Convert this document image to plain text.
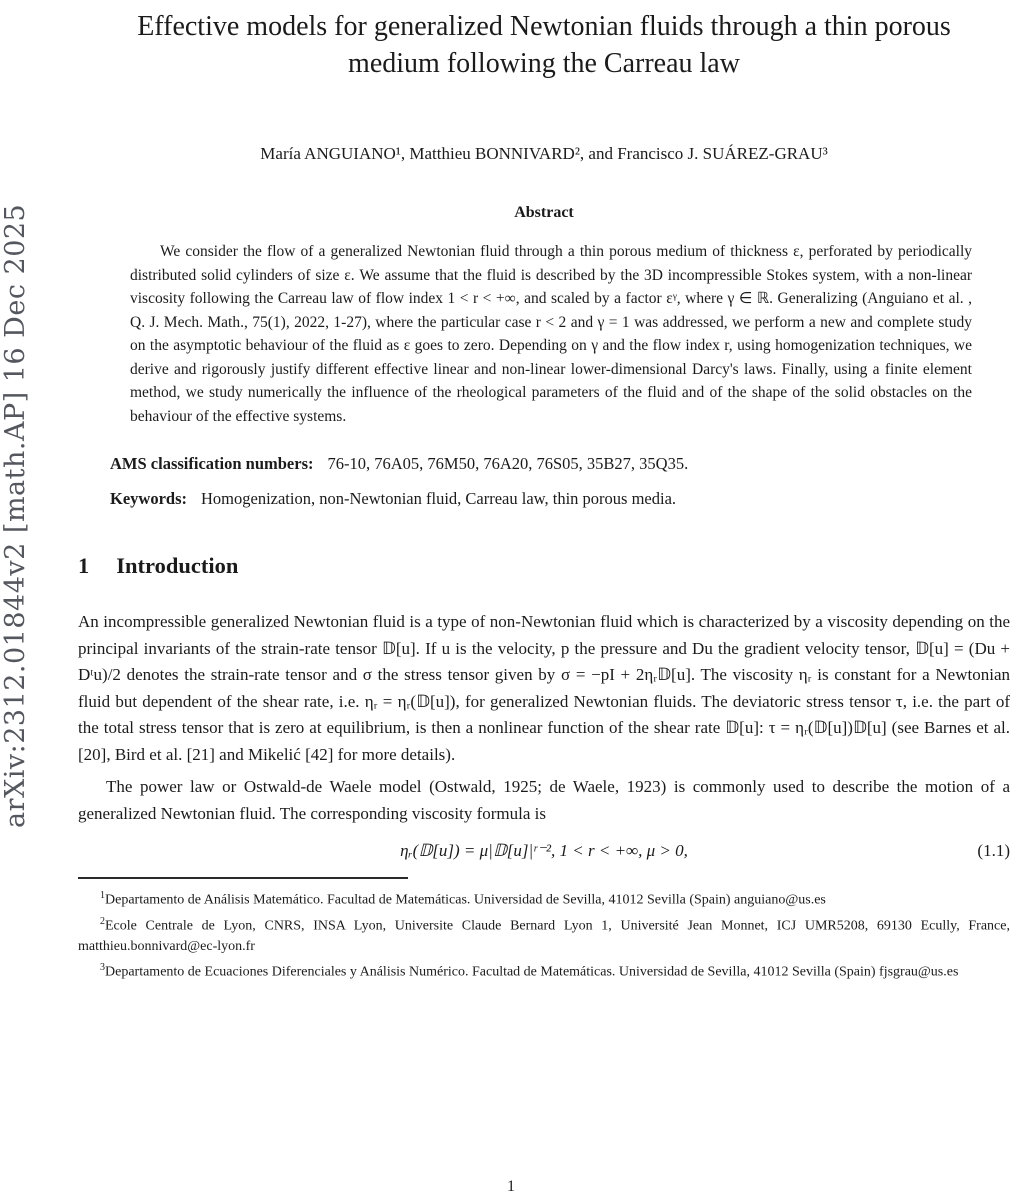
arXiv:2312.01844v2 [math.AP] 16 Dec 2025
Effective models for generalized Newtonian fluids through a thin porous medium following the Carreau law
María ANGUIANO¹, Matthieu BONNIVARD², and Francisco J. SUÁREZ-GRAU³
Abstract
We consider the flow of a generalized Newtonian fluid through a thin porous medium of thickness ε, perforated by periodically distributed solid cylinders of size ε. We assume that the fluid is described by the 3D incompressible Stokes system, with a non-linear viscosity following the Carreau law of flow index 1 < r < +∞, and scaled by a factor εᵞ, where γ ∈ ℝ. Generalizing (Anguiano et al. , Q. J. Mech. Math., 75(1), 2022, 1-27), where the particular case r < 2 and γ = 1 was addressed, we perform a new and complete study on the asymptotic behaviour of the fluid as ε goes to zero. Depending on γ and the flow index r, using homogenization techniques, we derive and rigorously justify different effective linear and non-linear lower-dimensional Darcy's laws. Finally, using a finite element method, we study numerically the influence of the rheological parameters of the fluid and of the shape of the solid obstacles on the behaviour of the effective systems.
AMS classification numbers: 76-10, 76A05, 76M50, 76A20, 76S05, 35B27, 35Q35.
Keywords: Homogenization, non-Newtonian fluid, Carreau law, thin porous media.
1 Introduction
An incompressible generalized Newtonian fluid is a type of non-Newtonian fluid which is characterized by a viscosity depending on the principal invariants of the strain-rate tensor 𝔻[u]. If u is the velocity, p the pressure and Du the gradient velocity tensor, 𝔻[u] = (Du + Dᵗu)/2 denotes the strain-rate tensor and σ the stress tensor given by σ = −pI + 2ηᵣ𝔻[u]. The viscosity ηᵣ is constant for a Newtonian fluid but dependent of the shear rate, i.e. ηᵣ = ηᵣ(𝔻[u]), for generalized Newtonian fluids. The deviatoric stress tensor τ, i.e. the part of the total stress tensor that is zero at equilibrium, is then a nonlinear function of the shear rate 𝔻[u]: τ = ηᵣ(𝔻[u])𝔻[u] (see Barnes et al. [20], Bird et al. [21] and Mikelić [42] for more details).
The power law or Ostwald-de Waele model (Ostwald, 1925; de Waele, 1923) is commonly used to describe the motion of a generalized Newtonian fluid. The corresponding viscosity formula is
ηᵣ(𝔻[u]) = μ|𝔻[u]|ʳ⁻², 1 < r < +∞, μ > 0,	(1.1)
$^1$Departamento de Análisis Matemático. Facultad de Matemáticas. Universidad de Sevilla, 41012 Sevilla (Spain) anguiano@us.es
$^2$Ecole Centrale de Lyon, CNRS, INSA Lyon, Universite Claude Bernard Lyon 1, Université Jean Monnet, ICJ UMR5208, 69130 Ecully, France, matthieu.bonnivard@ec-lyon.fr
$^3$Departamento de Ecuaciones Diferenciales y Análisis Numérico. Facultad de Matemáticas. Universidad de Sevilla, 41012 Sevilla (Spain) fjsgrau@us.es
1
